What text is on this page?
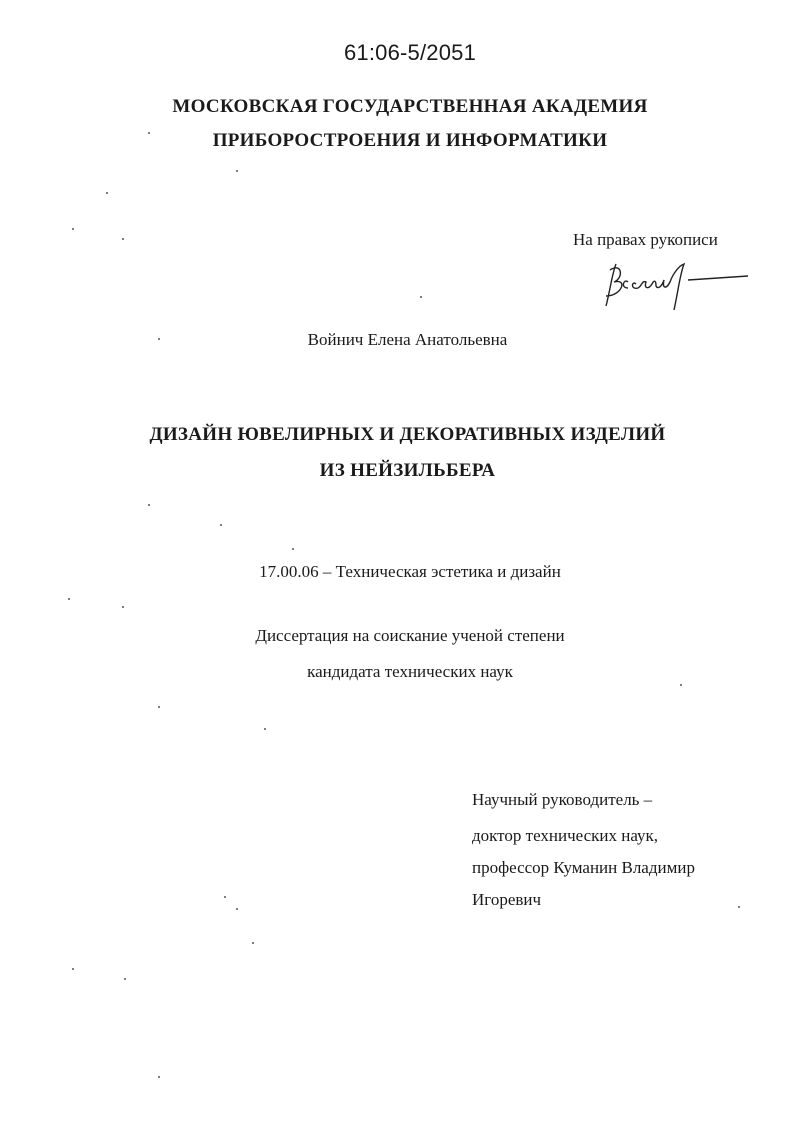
61:06-5/2051
МОСКОВСКАЯ ГОСУДАРСТВЕННАЯ АКАДЕМИЯ
ПРИБОРОСТРОЕНИЯ И ИНФОРМАТИКИ
На правах рукописи
Войнич Елена Анатольевна
ДИЗАЙН ЮВЕЛИРНЫХ И ДЕКОРАТИВНЫХ ИЗДЕЛИЙ
ИЗ НЕЙЗИЛЬБЕРА
17.00.06 – Техническая эстетика и дизайн
Диссертация на соискание ученой степени
кандидата технических наук
Научный руководитель –
доктор технических наук,
профессор Куманин Владимир
Игоревич
